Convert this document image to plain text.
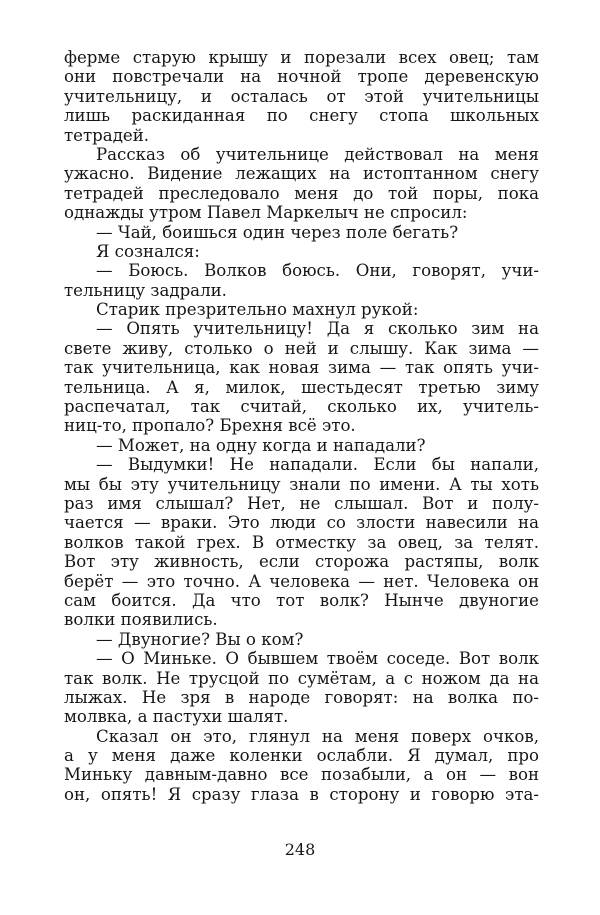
ферме старую крышу и порезали всех овец; там
они повстречали на ночной тропе деревенскую
учительницу, и осталась от этой учительницы
лишь раскиданная по снегу стопа школьных
тетрадей.
Рассказ об учительнице действовал на меня
ужасно. Видение лежащих на истоптанном снегу
тетрадей преследовало меня до той поры, пока
однажды утром Павел Маркелыч не спросил:
— Чай, боишься один через поле бегать?
Я сознался:
— Боюсь. Волков боюсь. Они, говорят, учи-
тельницу задрали.
Старик презрительно махнул рукой:
— Опять учительницу! Да я сколько зим на
свете живу, столько о ней и слышу. Как зима —
так учительница, как новая зима — так опять учи-
тельница. А я, милок, шестьдесят третью зиму
распечатал, так считай, сколько их, учитель-
ниц-то, пропало? Брехня всё это.
— Может, на одну когда и нападали?
— Выдумки! Не нападали. Если бы напали,
мы бы эту учительницу знали по имени. А ты хоть
раз имя слышал? Нет, не слышал. Вот и полу-
чается — враки. Это люди со злости навесили на
волков такой грех. В отместку за овец, за телят.
Вот эту живность, если сторожа растяпы, волк
берёт — это точно. А человека — нет. Человека он
сам боится. Да что тот волк? Нынче двуногие
волки появились.
— Двуногие? Вы о ком?
— О Миньке. О бывшем твоём соседе. Вот волк
так волк. Не трусцой по сумётам, а с ножом да на
лыжах. Не зря в народе говорят: на волка по-
молвка, а пастухи шалят.
Сказал он это, глянул на меня поверх очков,
а у меня даже коленки ослабли. Я думал, про
Миньку давным-давно все позабыли, а он — вон
он, опять! Я сразу глаза в сторону и говорю эта-
248
